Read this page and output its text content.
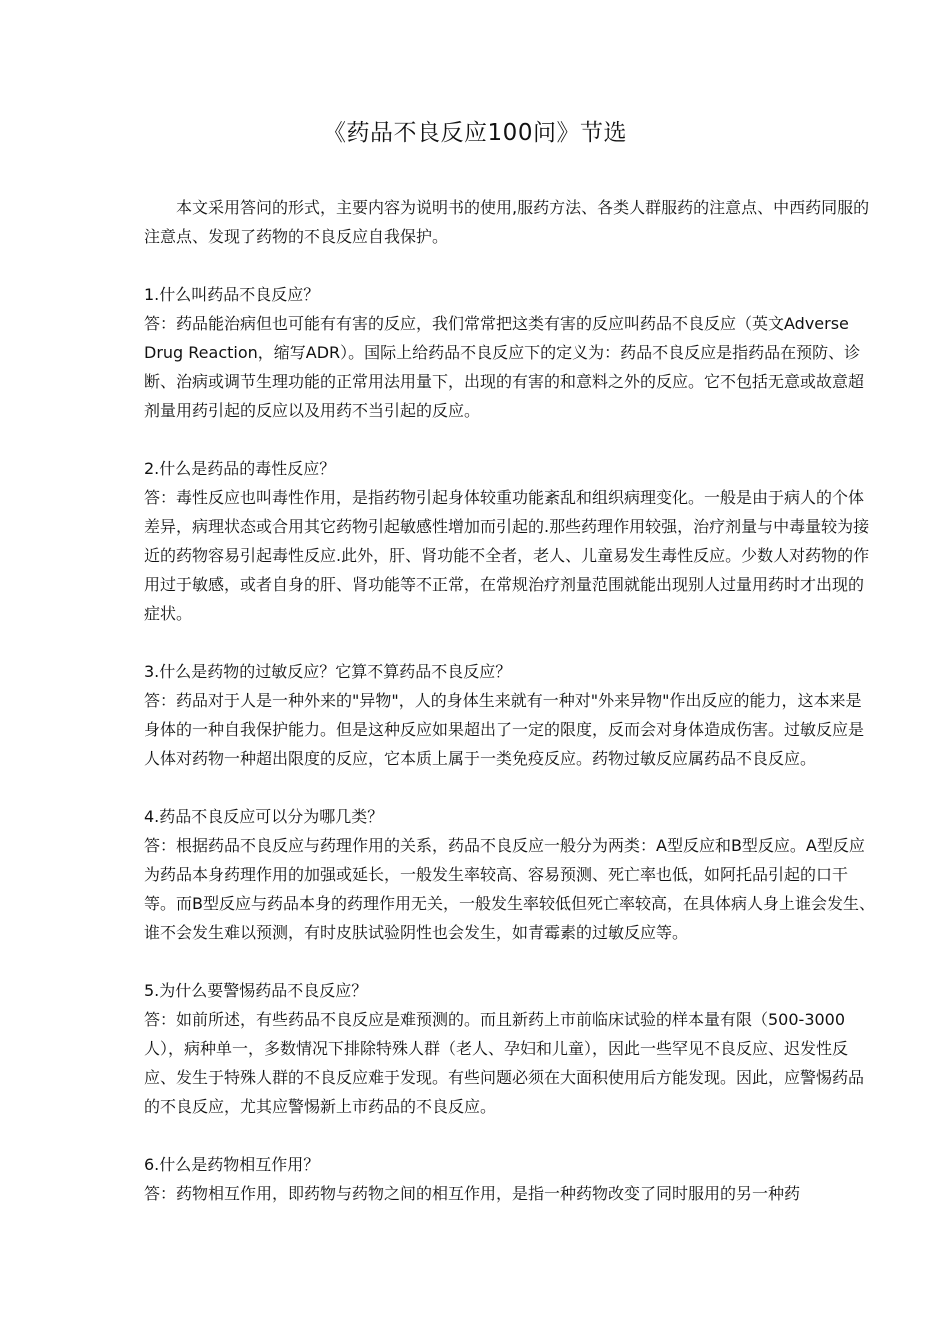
《药品不良反应100问》节选

本文采用答问的形式，主要内容为说明书的使用,服药方法、各类人群服药的注意点、中西药同服的注意点、发现了药物的不良反应自我保护。

1.什么叫药品不良反应？
答：药品能治病但也可能有有害的反应，我们常常把这类有害的反应叫药品不良反应（英文Adverse Drug Reaction，缩写ADR）。国际上给药品不良反应下的定义为：药品不良反应是指药品在预防、诊断、治病或调节生理功能的正常用法用量下，出现的有害的和意料之外的反应。它不包括无意或故意超剂量用药引起的反应以及用药不当引起的反应。
2.什么是药品的毒性反应？
答：毒性反应也叫毒性作用，是指药物引起身体较重功能紊乱和组织病理变化。一般是由于病人的个体差异，病理状态或合用其它药物引起敏感性增加而引起的.那些药理作用较强，治疗剂量与中毒量较为接近的药物容易引起毒性反应.此外，肝、肾功能不全者，老人、儿童易发生毒性反应。少数人对药物的作用过于敏感，或者自身的肝、肾功能等不正常，在常规治疗剂量范围就能出现别人过量用药时才出现的症状。
3.什么是药物的过敏反应？它算不算药品不良反应？
答：药品对于人是一种外来的"异物"，人的身体生来就有一种对"外来异物"作出反应的能力，这本来是身体的一种自我保护能力。但是这种反应如果超出了一定的限度，反而会对身体造成伤害。过敏反应是人体对药物一种超出限度的反应，它本质上属于一类免疫反应。药物过敏反应属药品不良反应。
4.药品不良反应可以分为哪几类？
答：根据药品不良反应与药理作用的关系，药品不良反应一般分为两类：A型反应和B型反应。A型反应为药品本身药理作用的加强或延长，一般发生率较高、容易预测、死亡率也低，如阿托品引起的口干等。而B型反应与药品本身的药理作用无关，一般发生率较低但死亡率较高，在具体病人身上谁会发生、谁不会发生难以预测，有时皮肤试验阴性也会发生，如青霉素的过敏反应等。
5.为什么要警惕药品不良反应？
答：如前所述，有些药品不良反应是难预测的。而且新药上市前临床试验的样本量有限（500-3000人），病种单一，多数情况下排除特殊人群（老人、孕妇和儿童），因此一些罕见不良反应、迟发性反应、发生于特殊人群的不良反应难于发现。有些问题必须在大面积使用后方能发现。因此，应警惕药品的不良反应，尤其应警惕新上市药品的不良反应。
6.什么是药物相互作用？
答：药物相互作用，即药物与药物之间的相互作用，是指一种药物改变了同时服用的另一种药
